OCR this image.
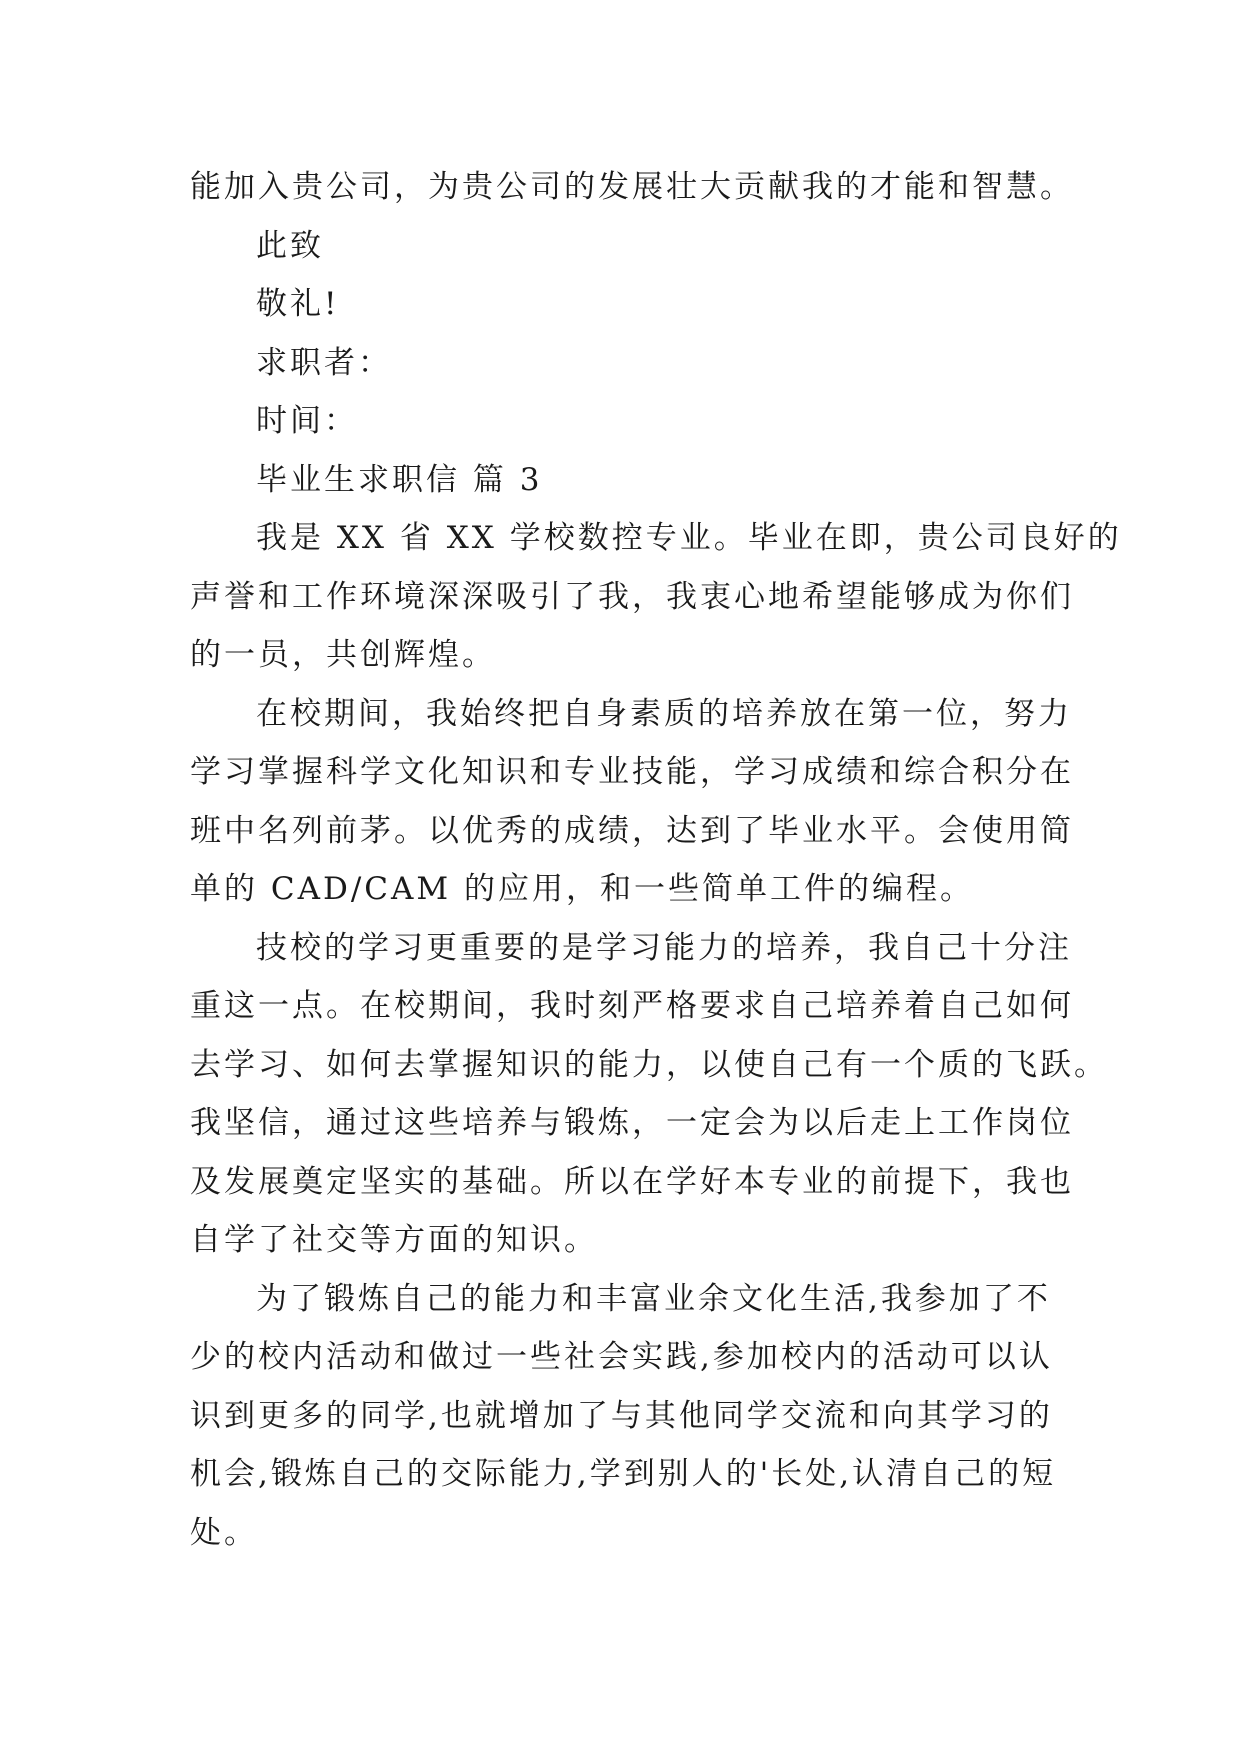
能加入贵公司，为贵公司的发展壮大贡献我的才能和智慧。

此致

敬礼!

求职者：

时间：

毕业生求职信 篇 3

我是 XX 省 XX 学校数控专业。毕业在即，贵公司良好的

声誉和工作环境深深吸引了我，我衷心地希望能够成为你们

的一员，共创辉煌。

在校期间，我始终把自身素质的培养放在第一位，努力

学习掌握科学文化知识和专业技能，学习成绩和综合积分在

班中名列前茅。以优秀的成绩，达到了毕业水平。会使用简

单的 CAD/CAM 的应用，和一些简单工件的编程。

技校的学习更重要的是学习能力的培养，我自己十分注

重这一点。在校期间，我时刻严格要求自己培养着自己如何

去学习、如何去掌握知识的能力，以使自己有一个质的飞跃。

我坚信，通过这些培养与锻炼，一定会为以后走上工作岗位

及发展奠定坚实的基础。所以在学好本专业的前提下，我也

自学了社交等方面的知识。

为了锻炼自己的能力和丰富业余文化生活,我参加了不

少的校内活动和做过一些社会实践,参加校内的活动可以认

识到更多的同学,也就增加了与其他同学交流和向其学习的

机会,锻炼自己的交际能力,学到别人的'长处,认清自己的短

处。
